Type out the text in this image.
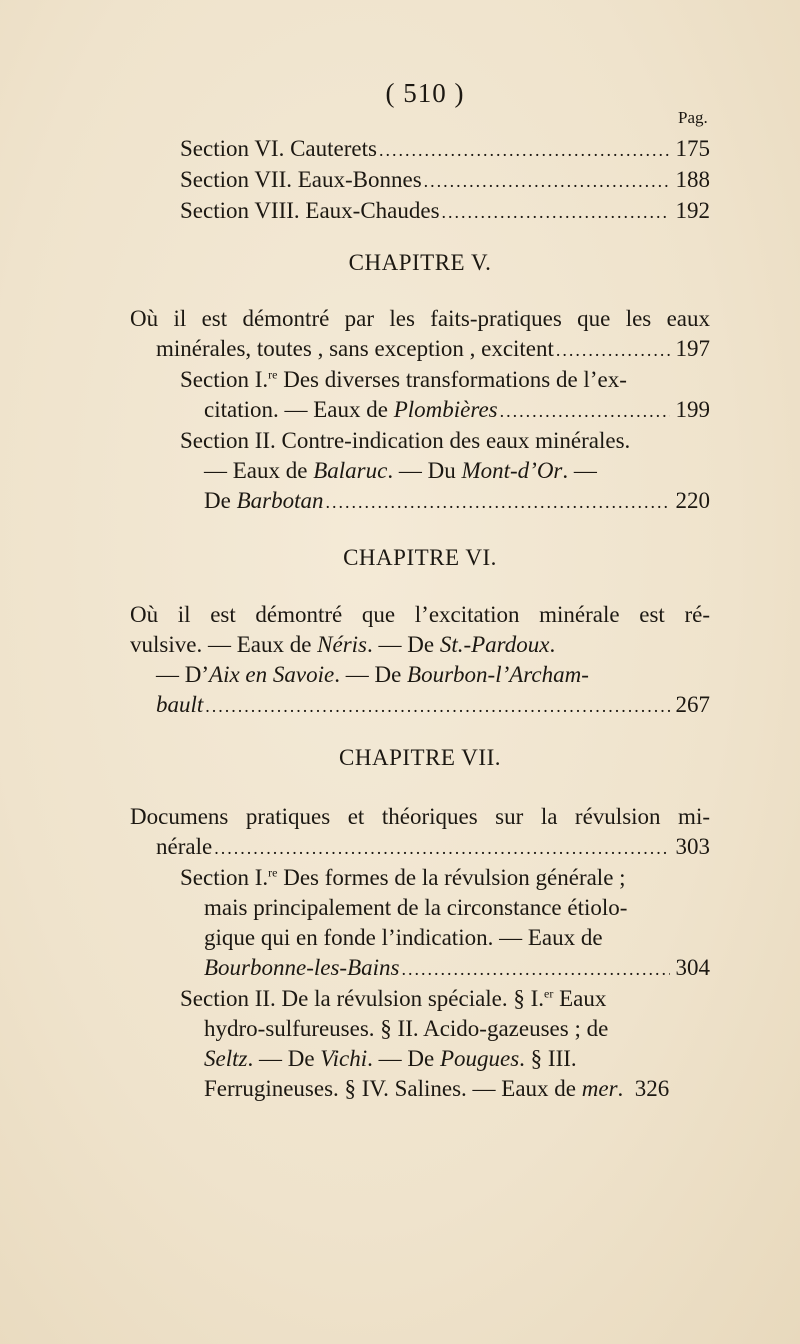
( 510 )
Pag.
Section VI. Cauterets .....	175
Section VII. Eaux-Bonnes .....	188
Section VIII. Eaux-Chaudes .....	192
CHAPITRE V.
Où il est démontré par les faits-pratiques que les eaux
minérales, toutes , sans exception , excitent .....	197
Section I.$^{re}$ Des diverses transformations de l’ex-
citation. — Eaux de Plombières .....	199
Section II. Contre-indication des eaux minérales.
— Eaux de Balaruc. — Du Mont-d’Or. —
De Barbotan .....	220
CHAPITRE VI.
Où il est démontré que l’excitation minérale est ré-
vulsive. — Eaux de Néris. — De St.-Pardoux.
— D’Aix en Savoie. — De Bourbon-l’Archam-
bault .....	267
CHAPITRE VII.
Documens pratiques et théoriques sur la révulsion mi-
nérale .....	303
Section I.$^{re}$ Des formes de la révulsion générale ;
mais principalement de la circonstance étiolo-
gique qui en fonde l’indication. — Eaux de
Bourbonne-les-Bains .....	304
Section II. De la révulsion spéciale. § I.$^{er}$ Eaux
hydro-sulfureuses. § II. Acido-gazeuses ; de
Seltz. — De Vichi. — De Pougues. § III.
Ferrugineuses. § IV. Salines. — Eaux de mer. 326
